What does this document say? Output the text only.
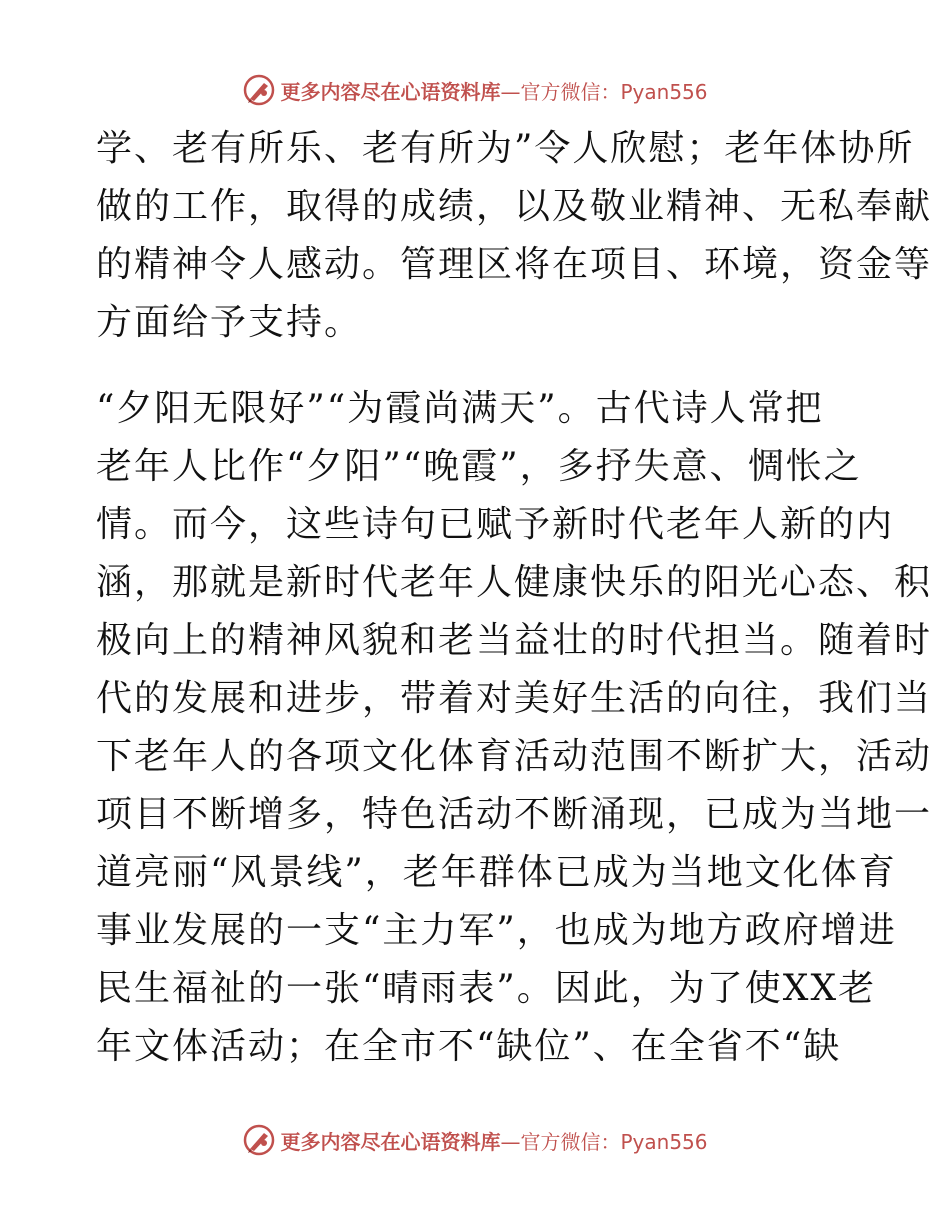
更多内容尽在心语资料库—官方微信：Pyan556
学、老有所乐、老有所为”令人欣慰；老年体协所
做的工作，取得的成绩，以及敬业精神、无私奉献
的精神令人感动。管理区将在项目、环境，资金等
方面给予支持。
“夕阳无限好”“为霞尚满天”。古代诗人常把
老年人比作“夕阳”“晚霞”，多抒失意、惆怅之
情。而今，这些诗句已赋予新时代老年人新的内
涵，那就是新时代老年人健康快乐的阳光心态、积
极向上的精神风貌和老当益壮的时代担当。随着时
代的发展和进步，带着对美好生活的向往，我们当
下老年人的各项文化体育活动范围不断扩大，活动
项目不断增多，特色活动不断涌现，已成为当地一
道亮丽“风景线”，老年群体已成为当地文化体育
事业发展的一支“主力军”，也成为地方政府增进
民生福祉的一张“晴雨表”。因此，为了使XX老
年文体活动；在全市不“缺位”、在全省不“缺
更多内容尽在心语资料库—官方微信：Pyan556
